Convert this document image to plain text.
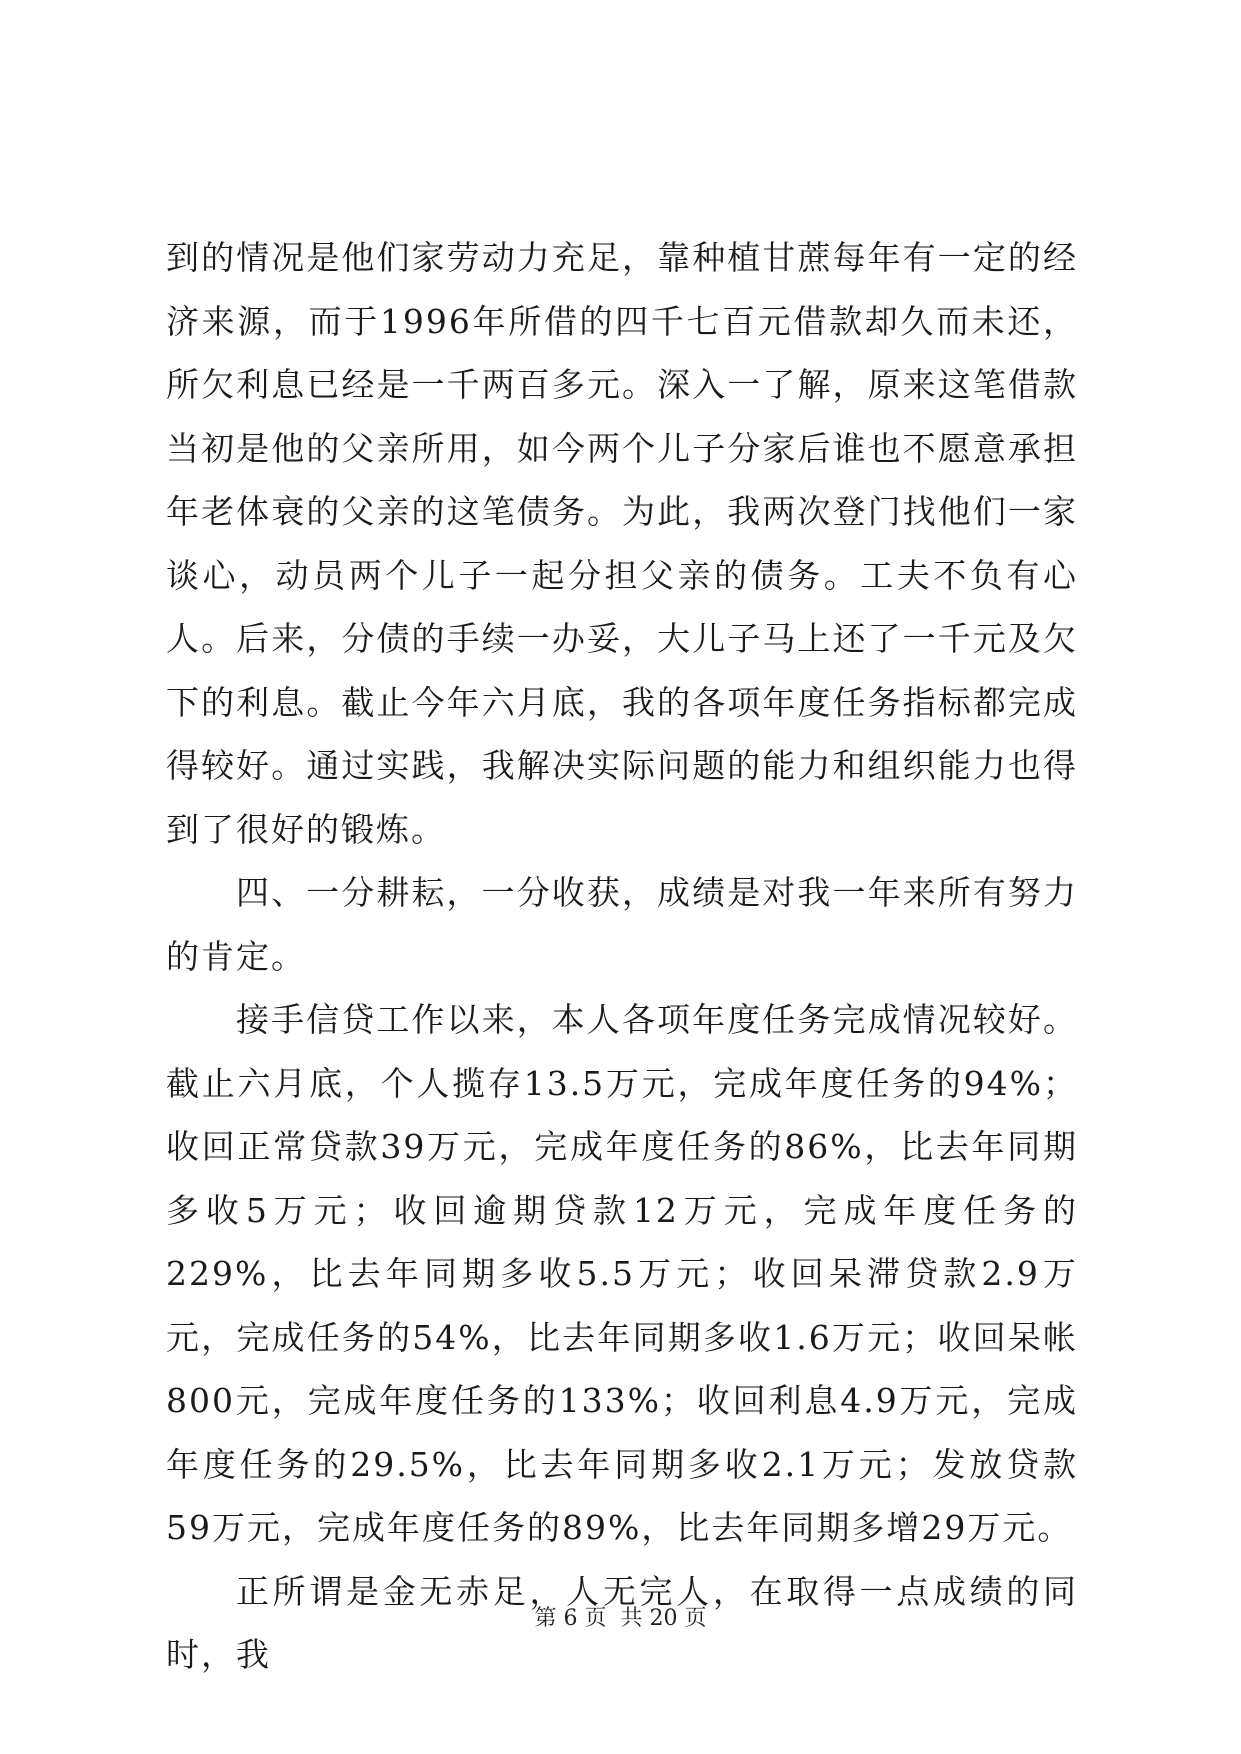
到的情况是他们家劳动力充足，靠种植甘蔗每年有一定的经济来源，而于1996年所借的四千七百元借款却久而未还，所欠利息已经是一千两百多元。深入一了解，原来这笔借款当初是他的父亲所用，如今两个儿子分家后谁也不愿意承担年老体衰的父亲的这笔债务。为此，我两次登门找他们一家谈心，动员两个儿子一起分担父亲的债务。工夫不负有心人。后来，分债的手续一办妥，大儿子马上还了一千元及欠下的利息。截止今年六月底，我的各项年度任务指标都完成得较好。通过实践，我解决实际问题的能力和组织能力也得到了很好的锻炼。

四、一分耕耘，一分收获，成绩是对我一年来所有努力的肯定。

接手信贷工作以来，本人各项年度任务完成情况较好。截止六月底，个人揽存13.5万元，完成年度任务的94%；收回正常贷款39万元，完成年度任务的86%，比去年同期多收5万元；收回逾期贷款12万元，完成年度任务的229%，比去年同期多收5.5万元；收回呆滞贷款2.9万元，完成任务的54%，比去年同期多收1.6万元；收回呆帐800元，完成年度任务的133%；收回利息4.9万元，完成年度任务的29.5%，比去年同期多收2.1万元；发放贷款59万元，完成年度任务的89%，比去年同期多增29万元。

正所谓是金无赤足，人无完人，在取得一点成绩的同时，我

第 6 页 共 20 页
